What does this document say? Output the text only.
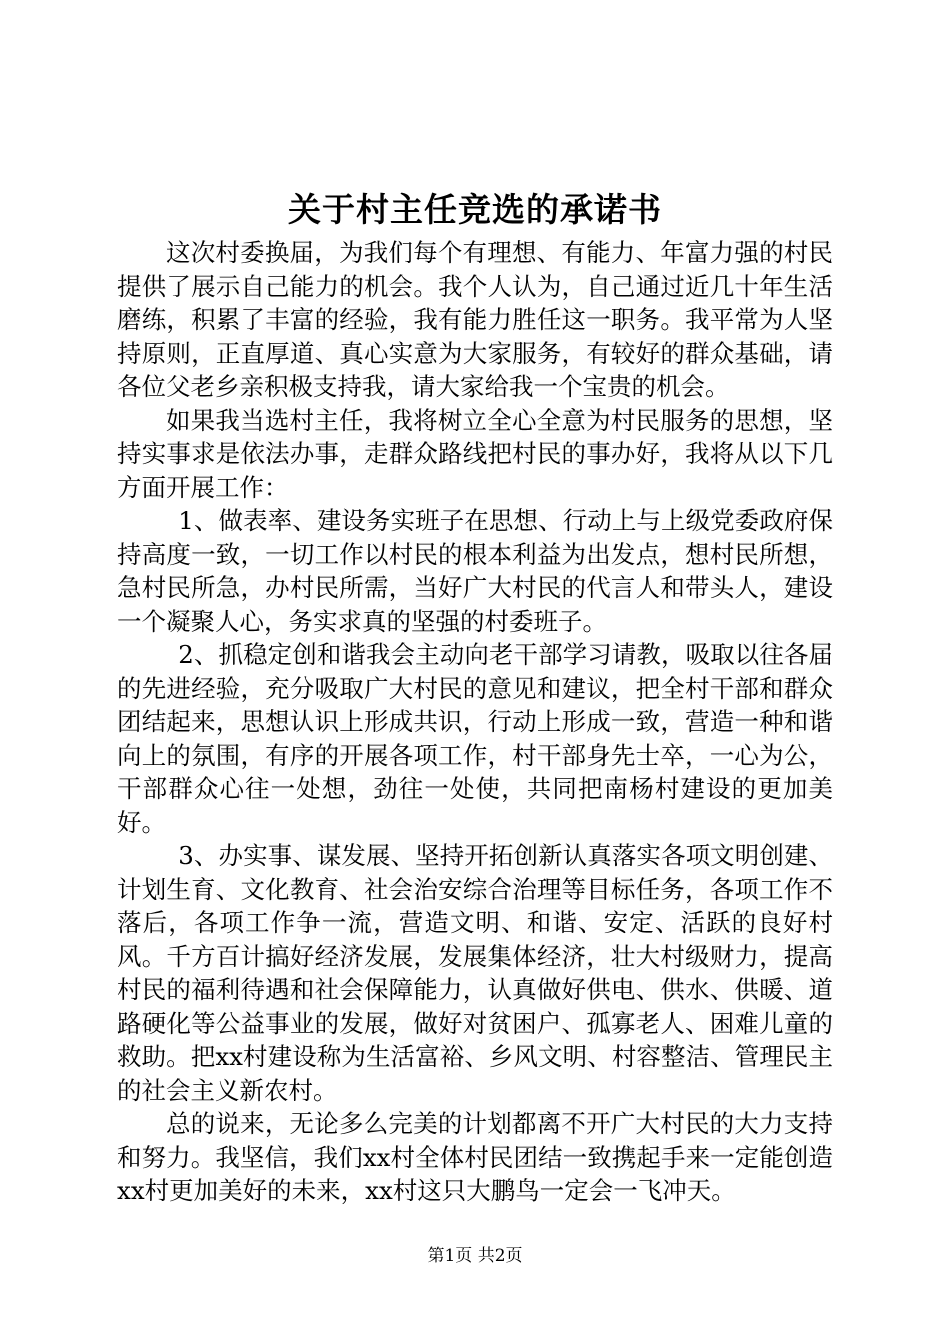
关于村主任竞选的承诺书

这次村委换届，为我们每个有理想、有能力、年富力强的村民提供了展示自己能力的机会。我个人认为，自己通过近几十年生活磨练，积累了丰富的经验，我有能力胜任这一职务。我平常为人坚持原则，正直厚道、真心实意为大家服务，有较好的群众基础，请各位父老乡亲积极支持我，请大家给我一个宝贵的机会。

如果我当选村主任，我将树立全心全意为村民服务的思想，坚持实事求是依法办事，走群众路线把村民的事办好，我将从以下几方面开展工作：

1、做表率、建设务实班子在思想、行动上与上级党委政府保持高度一致，一切工作以村民的根本利益为出发点，想村民所想，急村民所急，办村民所需，当好广大村民的代言人和带头人，建设一个凝聚人心，务实求真的坚强的村委班子。

2、抓稳定创和谐我会主动向老干部学习请教，吸取以往各届的先进经验，充分吸取广大村民的意见和建议，把全村干部和群众团结起来，思想认识上形成共识，行动上形成一致，营造一种和谐向上的氛围，有序的开展各项工作，村干部身先士卒，一心为公，干部群众心往一处想，劲往一处使，共同把南杨村建设的更加美好。

3、办实事、谋发展、坚持开拓创新认真落实各项文明创建、计划生育、文化教育、社会治安综合治理等目标任务，各项工作不落后，各项工作争一流，营造文明、和谐、安定、活跃的良好村风。千方百计搞好经济发展，发展集体经济，壮大村级财力，提高村民的福利待遇和社会保障能力，认真做好供电、供水、供暖、道路硬化等公益事业的发展，做好对贫困户、孤寡老人、困难儿童的救助。把xx村建设称为生活富裕、乡风文明、村容整洁、管理民主的社会主义新农村。

总的说来，无论多么完美的计划都离不开广大村民的大力支持和努力。我坚信，我们xx村全体村民团结一致携起手来一定能创造xx村更加美好的未来，xx村这只大鹏鸟一定会一飞冲天。

第1页 共2页
